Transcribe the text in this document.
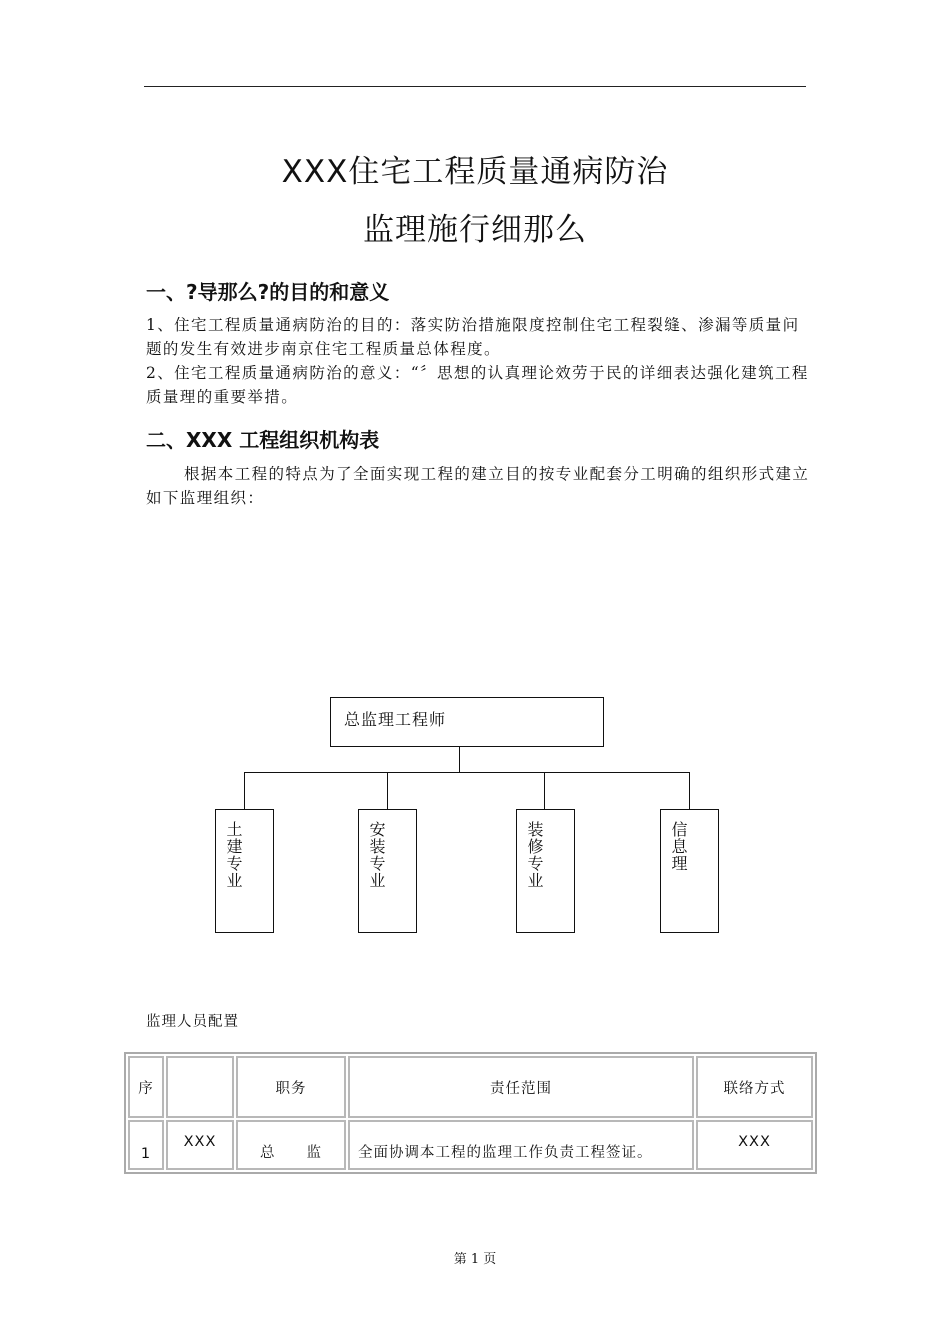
XXX住宅工程质量通病防治
监理施行细那么
一、?导那么?的目的和意义

1、住宅工程质量通病防治的目的：落实防治措施限度控制住宅工程裂缝、渗漏等质量问题的发生有效进步南京住宅工程质量总体程度。

2、住宅工程质量通病防治的意义：“〞思想的认真理论效劳于民的详细表达强化建筑工程质量理的重要举措。

二、XXX 工程组织机构表

根据本工程的特点为了全面实现工程的建立目的按专业配套分工明确的组织形式建立如下监理组织：

总监理工程师
土建专业	安装专业	装修专业	信息理
监理人员配置
序		职务	责任范围	联络方式
1	XXX	总　　监	全面协调本工程的监理工作负责工程签证。	XXX
第 1 页
